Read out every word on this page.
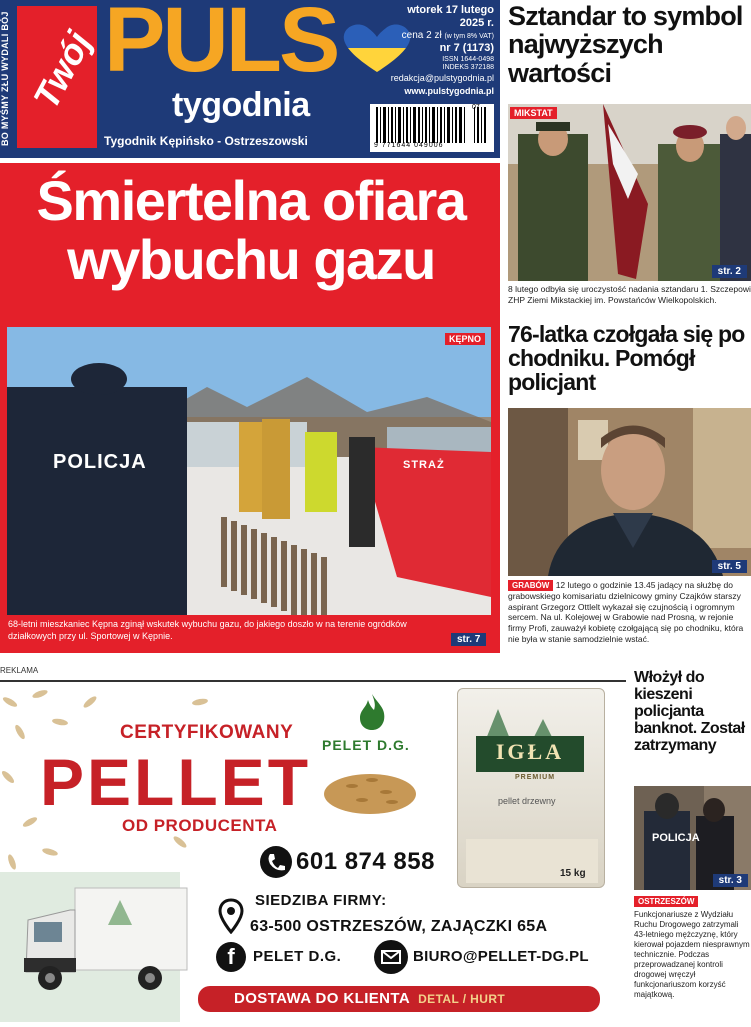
BO MYŚMY ZŁU WYDALI BÓJ Twój PULS
tygodnia
Tygodnik Kępińsko - Ostrzeszowski
wtorek 17 lutego 2025 r.
cena 2 zł (w tym 8% VAT)
nr 7 (1173)
ISSN 1644-0498
INDEKS 372188
redakcja@pulstygodnia.pl
www.pulstygodnia.pl
07
9 771644 049006
Sztandar to symbol najwyższych wartości
MIKSTAT
str. 2
8 lutego odbyła się uroczystość nadania sztandaru 1. Szczepowi ZHP Ziemi Mikstackiej im. Powstańców Wielkopolskich.
76-latka czołgała się po chodniku. Pomógł policjant
str. 5
GRABÓW 12 lutego o godzinie 13.45 jadący na służbę do grabowskiego komisariatu dzielnicowy gminy Czajków starszy aspirant Grzegorz Ottlelt wykazał się czujnością i ogromnym sercem. Na ul. Kolejowej w Grabowie nad Prosną, w rejonie firmy Profi, zauważył kobietę czołgającą się po chodniku, która nie była w stanie samodzielnie wstać.
Śmiertelna ofiara wybuchu gazu
POLICJA	STRAŻ
KĘPNO
68-letni mieszkaniec Kępna zginął wskutek wybuchu gazu, do jakiego doszło w na terenie ogródków działkowych przy ul. Sportowej w Kępnie.	str. 7
REKLAMA
CERTYFIKOWANY
PELLET
OD PRODUCENTA
PELET D.G.	IGŁA
PREMIUM
pellet drzewny
15 kg
601 874 858
SIEDZIBA FIRMY:
63-500 OSTRZESZÓW, ZAJĄCZKI 65A
f	PELET D.G.	BIURO@PELLET-DG.PL
DOSTAWA DO KLIENTA DETAL / HURT
Włożył do kieszeni policjanta banknot. Został zatrzymany
POLICJA
str. 3
OSTRZESZÓW
Funkcjonariusze z Wydziału Ruchu Drogowego zatrzymali 43-letniego mężczyznę, który kierował pojazdem niesprawnym technicznie. Podczas przeprowadzanej kontroli drogowej wręczył funkcjonariuszom korzyść majątkową.
